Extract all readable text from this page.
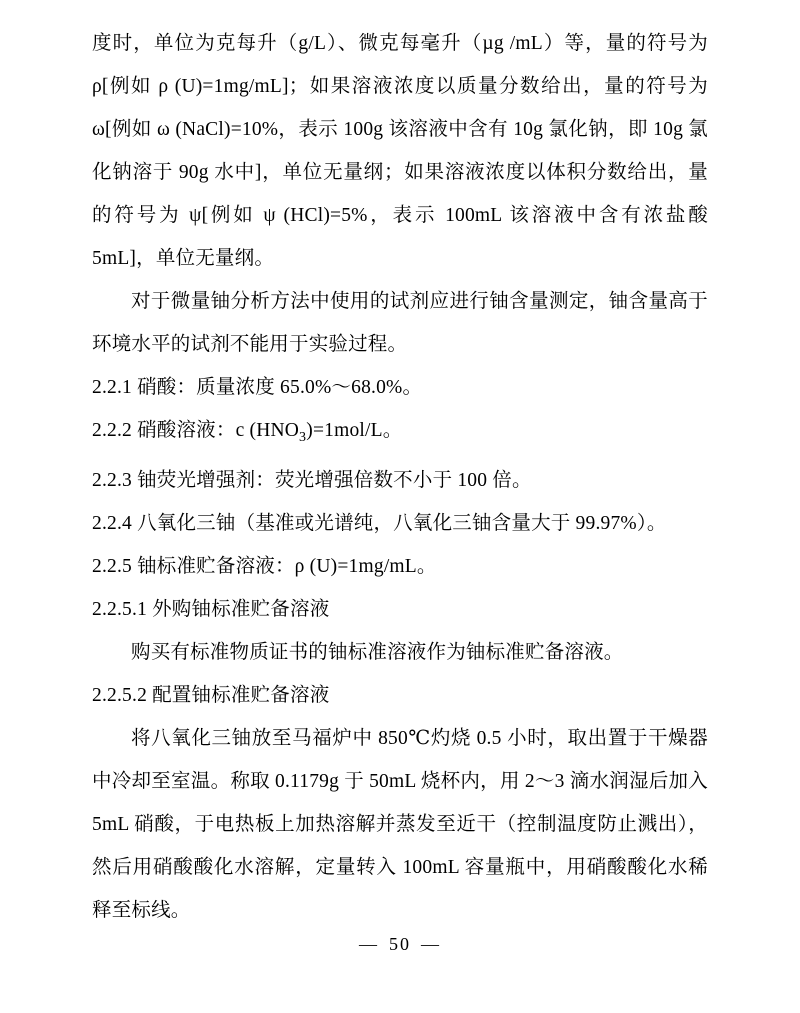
度时，单位为克每升（g/L）、微克每毫升（µg /mL）等，量的符号为 ρ[例如 ρ (U)=1mg/mL]；如果溶液浓度以质量分数给出，量的符号为 ω[例如 ω (NaCl)=10%，表示 100g 该溶液中含有 10g 氯化钠，即 10g 氯化钠溶于 90g 水中]，单位无量纲；如果溶液浓度以体积分数给出，量的符号为 ψ[例如 ψ (HCl)=5%，表示 100mL 该溶液中含有浓盐酸 5mL]，单位无量纲。

对于微量铀分析方法中使用的试剂应进行铀含量测定，铀含量高于环境水平的试剂不能用于实验过程。

2.2.1 硝酸：质量浓度 65.0%～68.0%。

2.2.2 硝酸溶液：c $(HNO_3)=1mol/L$。

2.2.3 铀荧光增强剂：荧光增强倍数不小于 100 倍。

2.2.4 八氧化三铀（基准或光谱纯，八氧化三铀含量大于 99.97%）。

2.2.5 铀标准贮备溶液：ρ (U)=1mg/mL。

2.2.5.1 外购铀标准贮备溶液

购买有标准物质证书的铀标准溶液作为铀标准贮备溶液。

2.2.5.2 配置铀标准贮备溶液

将八氧化三铀放至马福炉中 850℃灼烧 0.5 小时，取出置于干燥器中冷却至室温。称取 0.1179g 于 50mL 烧杯内，用 2～3 滴水润湿后加入 5mL 硝酸，于电热板上加热溶解并蒸发至近干（控制温度防止溅出），然后用硝酸酸化水溶解，定量转入 100mL 容量瓶中，用硝酸酸化水稀释至标线。

— 50 —
